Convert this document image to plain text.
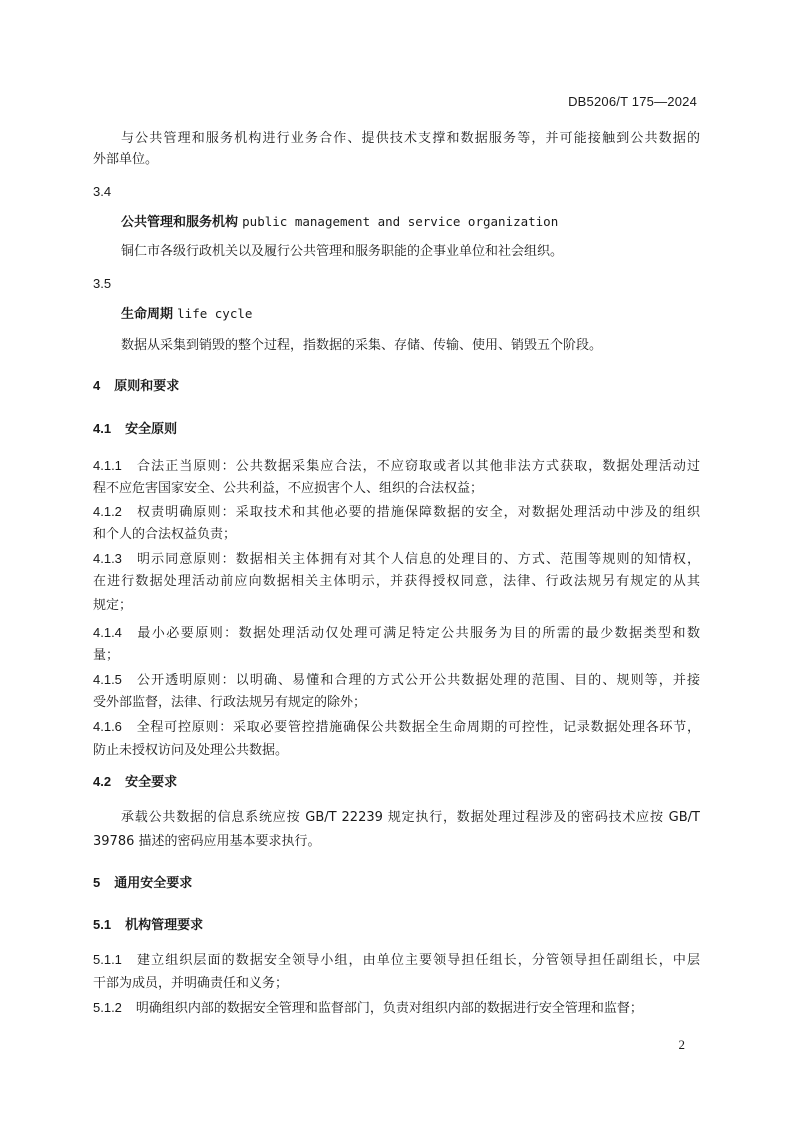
DB5206/T 175—2024
与公共管理和服务机构进行业务合作、提供技术支撑和数据服务等，并可能接触到公共数据的
外部单位。
3.4
公共管理和服务机构 public management and service organization
铜仁市各级行政机关以及履行公共管理和服务职能的企事业单位和社会组织。
3.5
生命周期 life cycle
数据从采集到销毁的整个过程，指数据的采集、存储、传输、使用、销毁五个阶段。
4 原则和要求
4.1 安全原则
4.1.1 合法正当原则：公共数据采集应合法，不应窃取或者以其他非法方式获取，数据处理活动过
程不应危害国家安全、公共利益，不应损害个人、组织的合法权益；
4.1.2 权责明确原则：采取技术和其他必要的措施保障数据的安全，对数据处理活动中涉及的组织
和个人的合法权益负责；
4.1.3 明示同意原则：数据相关主体拥有对其个人信息的处理目的、方式、范围等规则的知情权，
在进行数据处理活动前应向数据相关主体明示，并获得授权同意，法律、行政法规另有规定的从其
规定；
4.1.4 最小必要原则：数据处理活动仅处理可满足特定公共服务为目的所需的最少数据类型和数
量；
4.1.5 公开透明原则：以明确、易懂和合理的方式公开公共数据处理的范围、目的、规则等，并接
受外部监督，法律、行政法规另有规定的除外；
4.1.6 全程可控原则：采取必要管控措施确保公共数据全生命周期的可控性，记录数据处理各环节，
防止未授权访问及处理公共数据。
4.2 安全要求
承载公共数据的信息系统应按 GB/T 22239 规定执行，数据处理过程涉及的密码技术应按 GB/T
39786 描述的密码应用基本要求执行。
5 通用安全要求
5.1 机构管理要求
5.1.1 建立组织层面的数据安全领导小组，由单位主要领导担任组长，分管领导担任副组长，中层
干部为成员，并明确责任和义务；
5.1.2 明确组织内部的数据安全管理和监督部门，负责对组织内部的数据进行安全管理和监督；
2
